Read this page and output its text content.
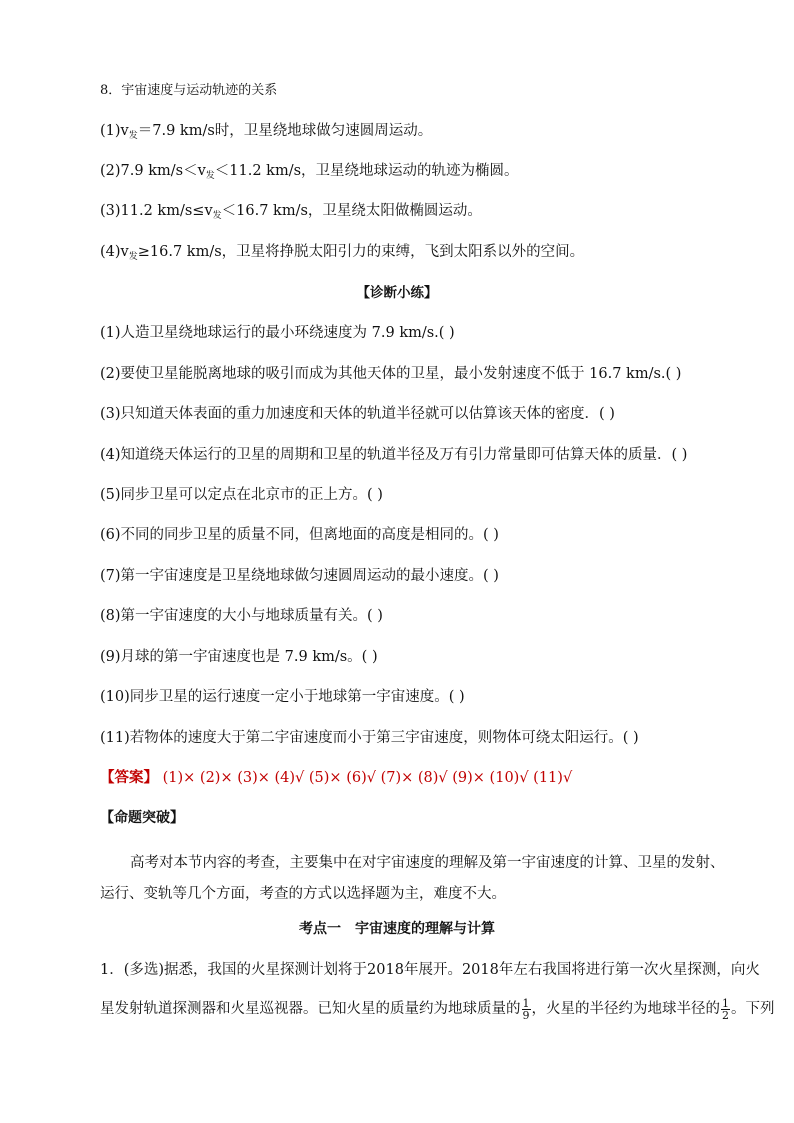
8．宇宙速度与运动轨迹的关系
$(1)v_发=7.9$ km/s时，卫星绕地球做匀速圆周运动。
(2)7.9 $km/s<v_发<11.2$ km/s，卫星绕地球运动的轨迹为椭圆。
(3)11.2 $km/s\le v_发<16.7$ km/s，卫星绕太阳做椭圆运动。
$(4)v_发\ge 16.7$ km/s，卫星将挣脱太阳引力的束缚，飞到太阳系以外的空间。
【诊断小练】
(1)人造卫星绕地球运行的最小环绕速度为 7.9 km/s.( )
(2)要使卫星能脱离地球的吸引而成为其他天体的卫星，最小发射速度不低于 16.7 km/s.( )
(3)只知道天体表面的重力加速度和天体的轨道半径就可以估算该天体的密度．( )
(4)知道绕天体运行的卫星的周期和卫星的轨道半径及万有引力常量即可估算天体的质量．( )
(5)同步卫星可以定点在北京市的正上方。( )
(6)不同的同步卫星的质量不同，但离地面的高度是相同的。( )
(7)第一宇宙速度是卫星绕地球做匀速圆周运动的最小速度。( )
(8)第一宇宙速度的大小与地球质量有关。( )
(9)月球的第一宇宙速度也是 7.9 km/s。( )
(10)同步卫星的运行速度一定小于地球第一宇宙速度。( )
(11)若物体的速度大于第二宇宙速度而小于第三宇宙速度，则物体可绕太阳运行。( )
【答案】 (1)× (2)× (3)× (4)√ (5)× (6)√ (7)× (8)√ (9)× (10)√ (11)√
【命题突破】
高考对本节内容的考查，主要集中在对宇宙速度的理解及第一宇宙速度的计算、卫星的发射、运行、变轨等几个方面，考查的方式以选择题为主，难度不大。
考点一　宇宙速度的理解与计算
1．(多选)据悉，我国的火星探测计划将于2018年展开。2018年左右我国将进行第一次火星探测，向火
星发射轨道探测器和火星巡视器。已知火星的质量约为地球质量的 $\frac{1}{9}$ ，火星的半径约为地球半径的 $\frac{1}{2}$ 。下列
